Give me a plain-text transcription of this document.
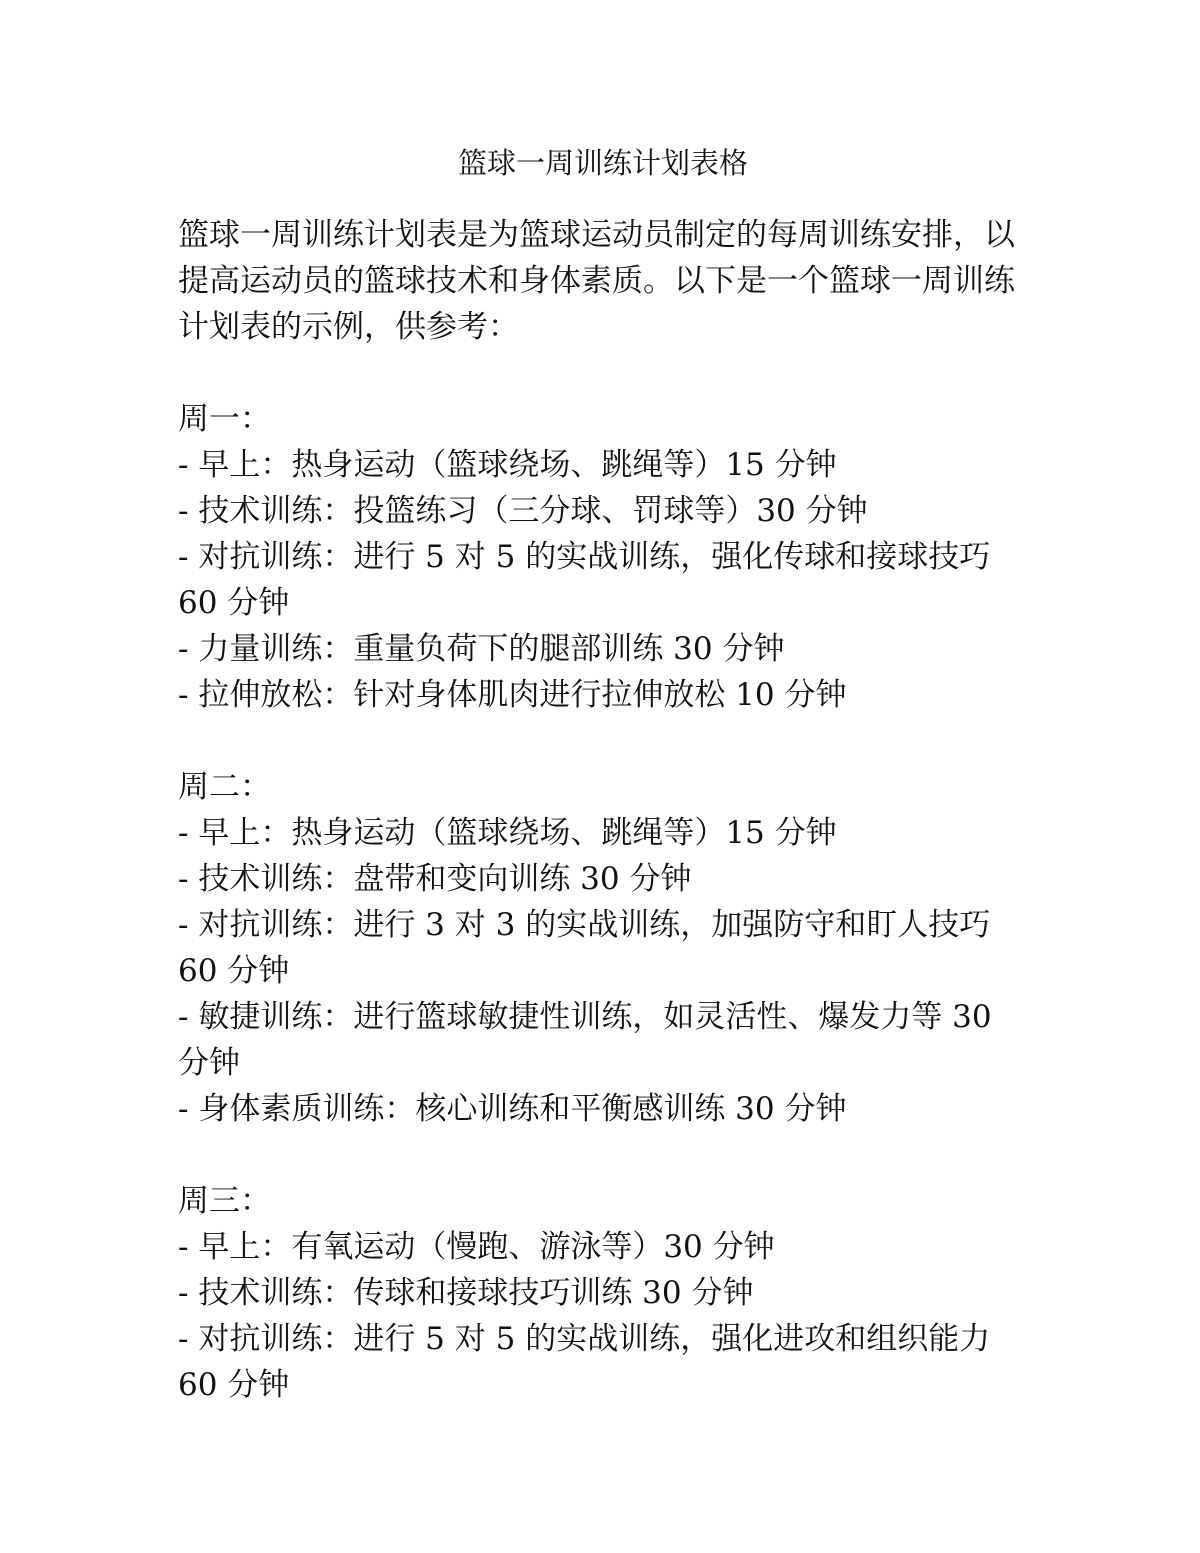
篮球一周训练计划表格

篮球一周训练计划表是为篮球运动员制定的每周训练安排，以提高运动员的篮球技术和身体素质。以下是一个篮球一周训练计划表的示例，供参考：

周一：

- 早上：热身运动（篮球绕场、跳绳等）15 分钟

- 技术训练：投篮练习（三分球、罚球等）30 分钟

- 对抗训练：进行 5 对 5 的实战训练，强化传球和接球技巧 60 分钟

- 力量训练：重量负荷下的腿部训练 30 分钟

- 拉伸放松：针对身体肌肉进行拉伸放松 10 分钟

周二：

- 早上：热身运动（篮球绕场、跳绳等）15 分钟

- 技术训练：盘带和变向训练 30 分钟

- 对抗训练：进行 3 对 3 的实战训练，加强防守和盯人技巧 60 分钟

- 敏捷训练：进行篮球敏捷性训练，如灵活性、爆发力等 30 分钟

- 身体素质训练：核心训练和平衡感训练 30 分钟

周三：

- 早上：有氧运动（慢跑、游泳等）30 分钟

- 技术训练：传球和接球技巧训练 30 分钟

- 对抗训练：进行 5 对 5 的实战训练，强化进攻和组织能力 60 分钟
